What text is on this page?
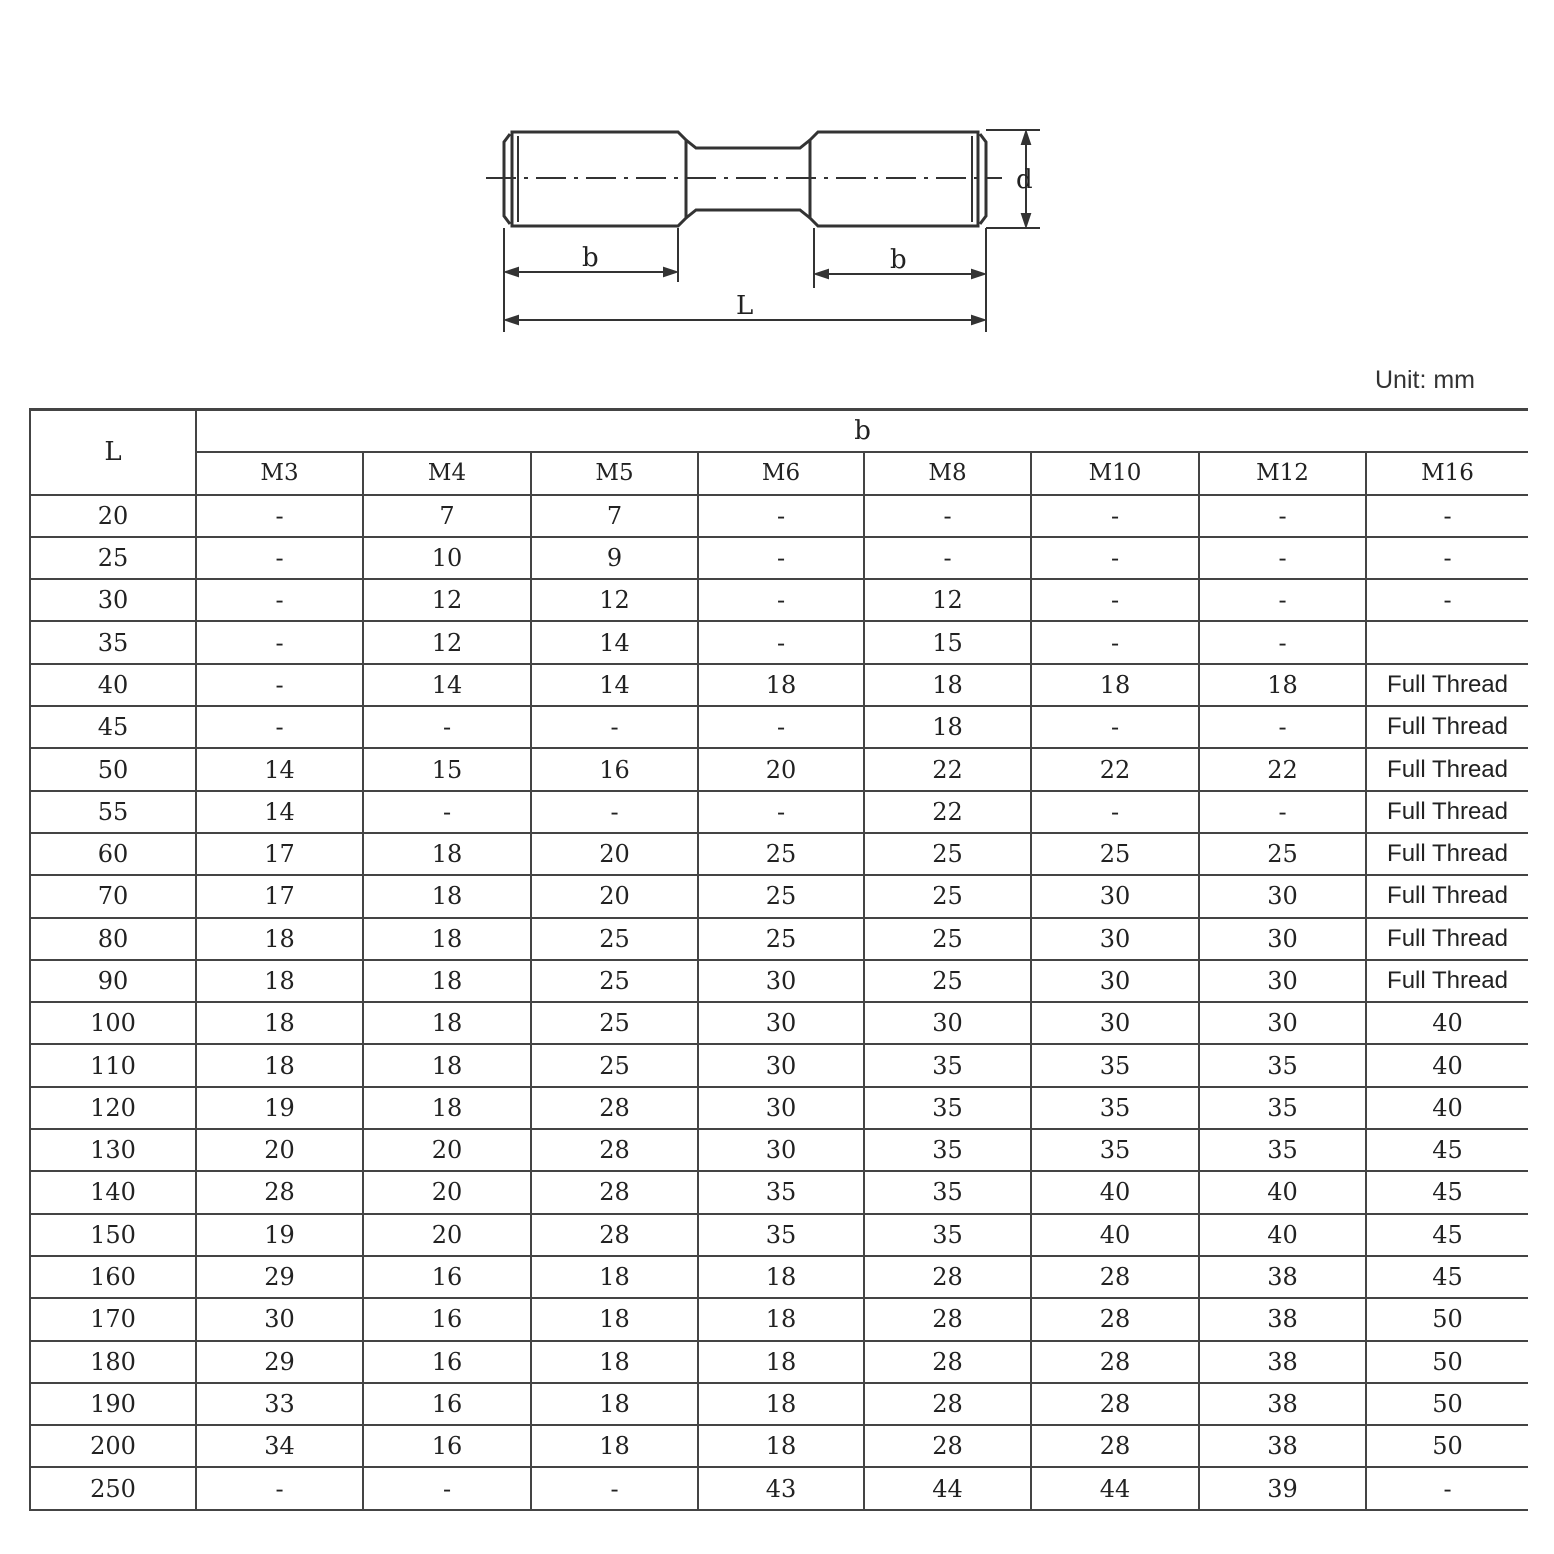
d
b	b
L
Unit: mm
L	b							
	M3	M4	M5	M6	M8	M10	M12	M16
20	-	7	7	-	-	-	-	-
25	-	10	9	-	-	-	-	-
30	-	12	12	-	12	-	-	-
35	-	12	14	-	15	-	-	
40	-	14	14	18	18	18	18	Full Thread
45	-	-	-	-	18	-	-	Full Thread
50	14	15	16	20	22	22	22	Full Thread
55	14	-	-	-	22	-	-	Full Thread
60	17	18	20	25	25	25	25	Full Thread
70	17	18	20	25	25	30	30	Full Thread
80	18	18	25	25	25	30	30	Full Thread
90	18	18	25	30	25	30	30	Full Thread
100	18	18	25	30	30	30	30	40
110	18	18	25	30	35	35	35	40
120	19	18	28	30	35	35	35	40
130	20	20	28	30	35	35	35	45
140	28	20	28	35	35	40	40	45
150	19	20	28	35	35	40	40	45
160	29	16	18	18	28	28	38	45
170	30	16	18	18	28	28	38	50
180	29	16	18	18	28	28	38	50
190	33	16	18	18	28	28	38	50
200	34	16	18	18	28	28	38	50
250	-	-	-	43	44	44	39	-
